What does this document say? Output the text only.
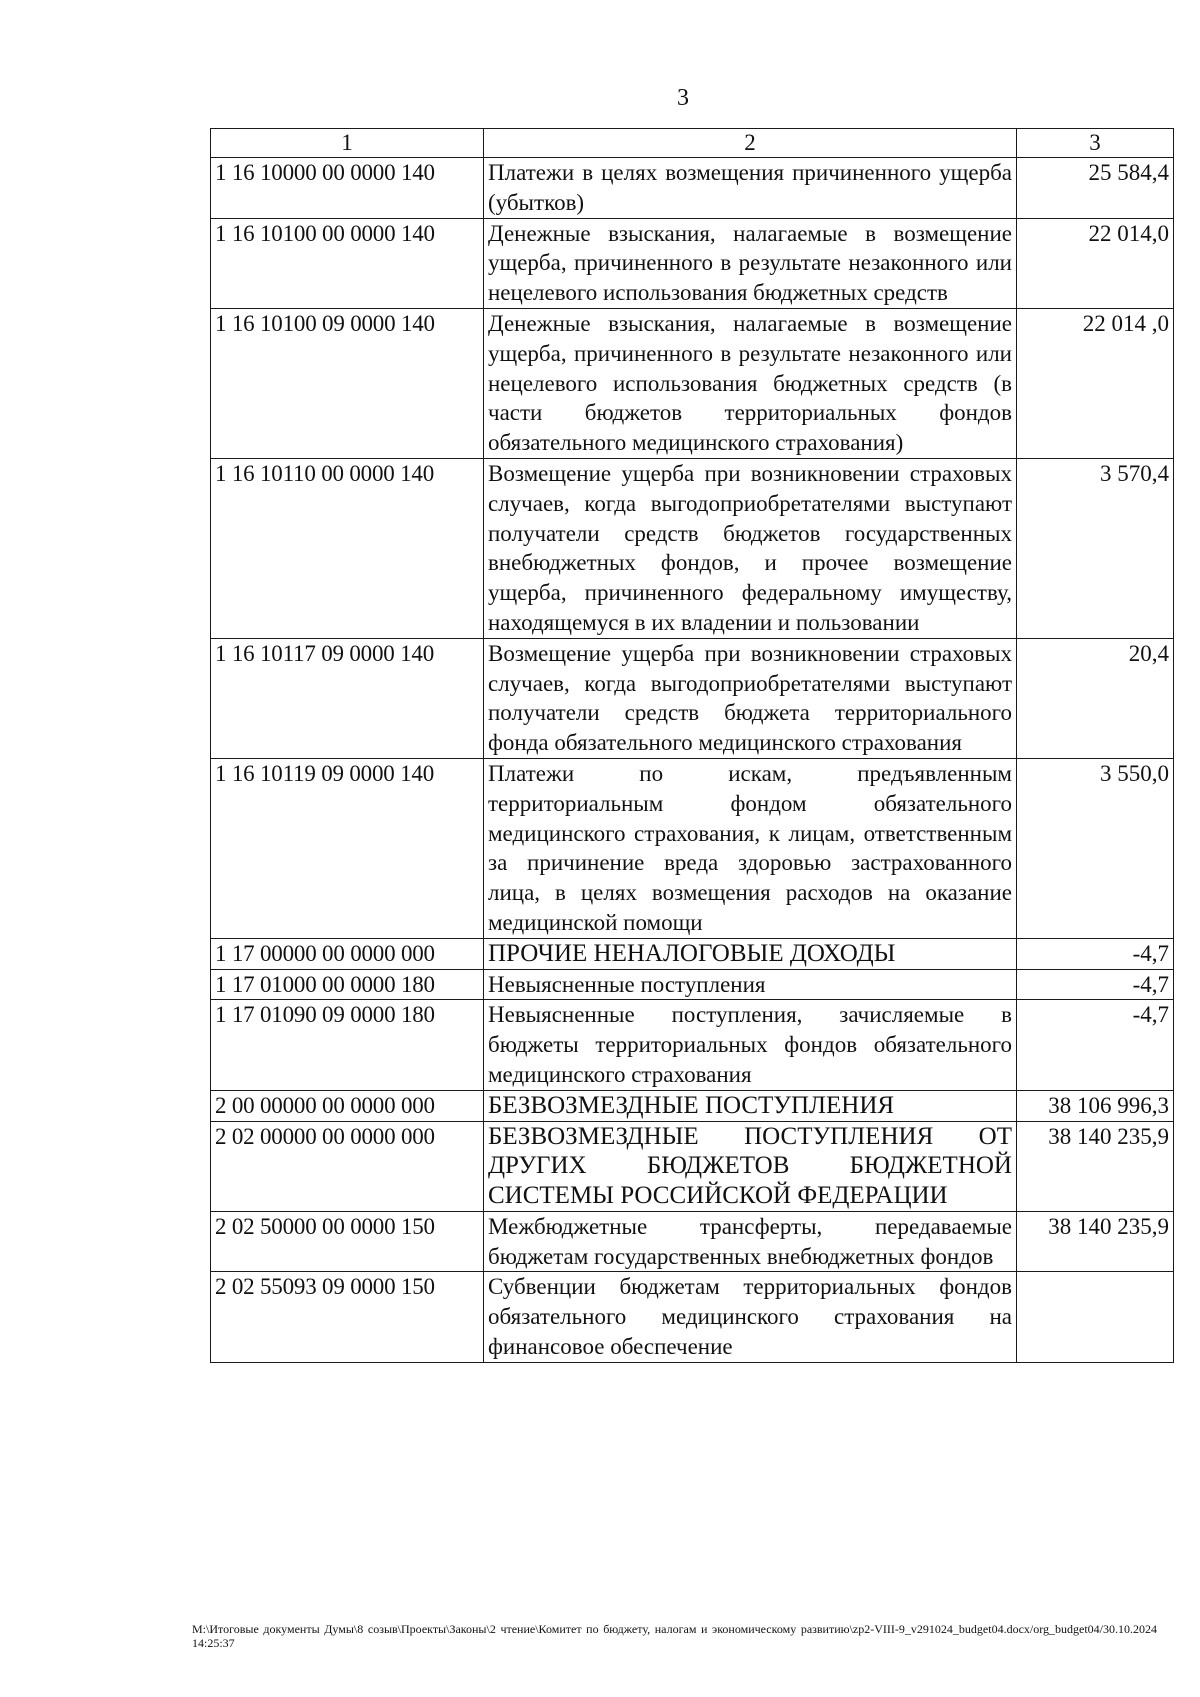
3
1	2	3
1 16 10000 00 0000 140	Платежи в целях возмещения причиненного ущерба (убытков)	25 584,4
1 16 10100 00 0000 140	Денежные взыскания, налагаемые в возмещение ущерба, причиненного в результате незаконного или нецелевого использования бюджетных средств	22 014,0
1 16 10100 09 0000 140	Денежные взыскания, налагаемые в возмещение ущерба, причиненного в результате незаконного или нецелевого использования бюджетных средств (в части бюджетов территориальных фондов обязательного медицинского страхования)	22 014 ,0
1 16 10110 00 0000 140	Возмещение ущерба при возникновении страховых случаев, когда выгодоприобретателями выступают получатели средств бюджетов государственных внебюджетных фондов, и прочее возмещение ущерба, причиненного федеральному имуществу, находящемуся в их владении и пользовании	3 570,4
1 16 10117 09 0000 140	Возмещение ущерба при возникновении страховых случаев, когда выгодоприобретателями выступают получатели средств бюджета территориального фонда обязательного медицинского страхования	20,4
1 16 10119 09 0000 140	Платежи по искам, предъявленным территориальным фондом обязательного медицинского страхования, к лицам, ответственным за причинение вреда здоровью застрахованного лица, в целях возмещения расходов на оказание медицинской помощи	3 550,0
1 17 00000 00 0000 000	ПРОЧИЕ НЕНАЛОГОВЫЕ ДОХОДЫ	-4,7
1 17 01000 00 0000 180	Невыясненные поступления	-4,7
1 17 01090 09 0000 180	Невыясненные поступления, зачисляемые в бюджеты территориальных фондов обязательного медицинского страхования	-4,7
2 00 00000 00 0000 000	БЕЗВОЗМЕЗДНЫЕ ПОСТУПЛЕНИЯ	38 106 996,3
2 02 00000 00 0000 000	БЕЗВОЗМЕЗДНЫЕ ПОСТУПЛЕНИЯ ОТ ДРУГИХ БЮДЖЕТОВ БЮДЖЕТНОЙ СИСТЕМЫ РОССИЙСКОЙ ФЕДЕРАЦИИ	38 140 235,9
2 02 50000 00 0000 150	Межбюджетные трансферты, передаваемые бюджетам государственных внебюджетных фондов	38 140 235,9
2 02 55093 09 0000 150	Субвенции бюджетам территориальных фондов обязательного медицинского страхования на финансовое обеспечение	
M:\Итоговые документы Думы\8 созыв\Проекты\Законы\2 чтение\Комитет по бюджету, налогам и экономическому развитию\zp2-VIII-9_v291024_budget04.docx/org_budget04/30.10.2024 14:25:37
